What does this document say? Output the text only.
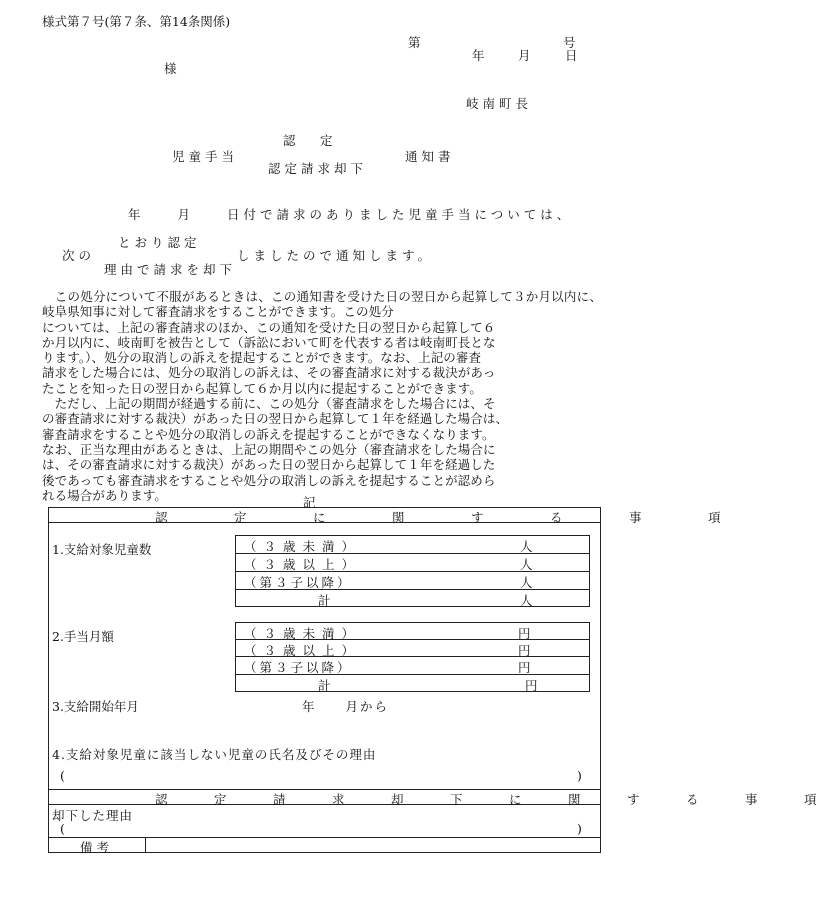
様式第７号(第７条、第14条関係)
第	号
年	月	日
様
岐南町長
認　定
児童手当	通知書
認定請求却下
年　　月　　日付で請求のありました児童手当については、
とおり認定
次の	しましたので通知します。
理由で請求を却下
　この処分について不服があるときは、この通知書を受けた日の翌日から起算して３か月以内に、岐阜県知事に対して審査請求をすることができます。この処分
については、上記の審査請求のほか、この通知を受けた日の翌日から起算して６
か月以内に、岐南町を被告として（訴訟において町を代表する者は岐南町長とな
ります。）、処分の取消しの訴えを提起することができます。なお、上記の審査
請求をした場合には、処分の取消しの訴えは、その審査請求に対する裁決があっ
たことを知った日の翌日から起算して６か月以内に提起することができます。
　ただし、上記の期間が経過する前に、この処分（審査請求をした場合には、そ
の審査請求に対する裁決）があった日の翌日から起算して１年を経過した場合は、
審査請求をすることや処分の取消しの訴えを提起することができなくなります。
なお、正当な理由があるときは、上記の期間やこの処分（審査請求をした場合に
は、その審査請求に対する裁決）があった日の翌日から起算して１年を経過した
後であっても審査請求をすることや処分の取消しの訴えを提起することが認めら
れる場合があります。	記
認　定　に　関　す　る　事　項
1.支給対象児童数	（３歳未満）	人
（３歳以上）	人
（第３子以降）	人
計	人
2.手当月額	（３歳未満）	円
（３歳以上）	円
（第３子以降）	円
計	円
3.支給開始年月	年　　月から
4.支給対象児童に該当しない児童の氏名及びその理由
(	)
認　定　請　求　却　下　に　関　す　る　事　項
却下した理由
(	)
備考
